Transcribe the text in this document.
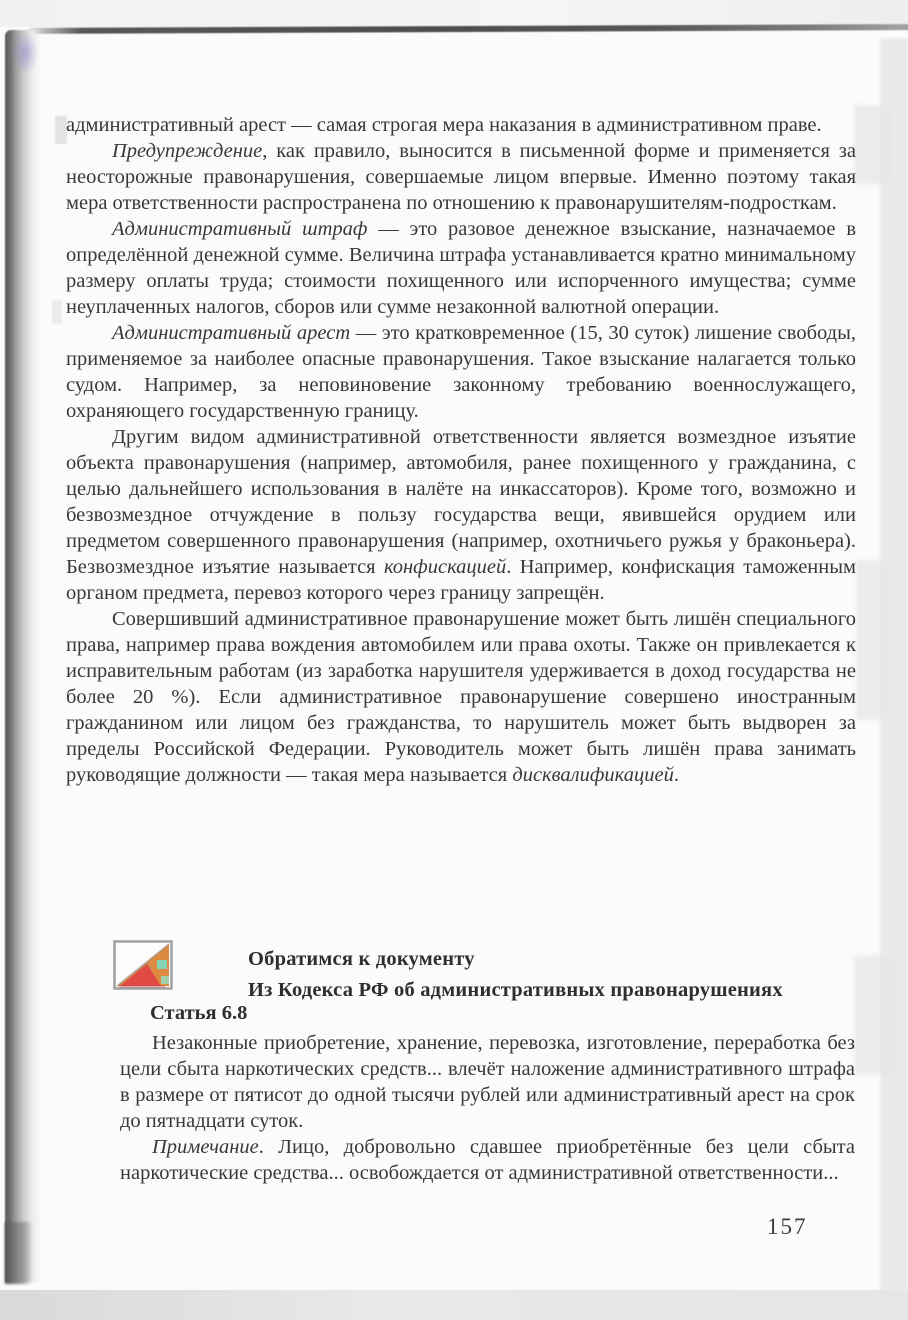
административный арест — самая строгая мера наказания в административном праве.

Предупреждение, как правило, выносится в письменной форме и применяется за неосторожные правонарушения, совершаемые лицом впервые. Именно поэтому такая мера ответственности распространена по отношению к правонарушителям-подросткам.

Административный штраф — это разовое денежное взыскание, назначаемое в определённой денежной сумме. Величина штрафа устанавливается кратно минимальному размеру оплаты труда; стоимости похищенного или испорченного имущества; сумме неуплаченных налогов, сборов или сумме незаконной валютной операции.

Административный арест — это кратковременное (15, 30 суток) лишение свободы, применяемое за наиболее опасные правонарушения. Такое взыскание налагается только судом. Например, за неповиновение законному требованию военнослужащего, охраняющего государственную границу.

Другим видом административной ответственности является возмездное изъятие объекта правонарушения (например, автомобиля, ранее похищенного у гражданина, с целью дальнейшего использования в налёте на инкассаторов). Кроме того, возможно и безвозмездное отчуждение в пользу государства вещи, явившейся орудием или предметом совершенного правонарушения (например, охотничьего ружья у браконьера). Безвозмездное изъятие называется конфискацией. Например, конфискация таможенным органом предмета, перевоз которого через границу запрещён.

Совершивший административное правонарушение может быть лишён специального права, например права вождения автомобилем или права охоты. Также он привлекается к исправительным работам (из заработка нарушителя удерживается в доход государства не более 20 %). Если административное правонарушение совершено иностранным гражданином или лицом без гражданства, то нарушитель может быть выдворен за пределы Российской Федерации. Руководитель может быть лишён права занимать руководящие должности — такая мера называется дисквалификацией.

Обратимся к документу
Из Кодекса РФ об административных правонарушениях
Статья 6.8

Незаконные приобретение, хранение, перевозка, изготовление, переработка без цели сбыта наркотических средств... влечёт наложение административного штрафа в размере от пятисот до одной тысячи рублей или административный арест на срок до пятнадцати суток.

Примечание. Лицо, добровольно сдавшее приобретённые без цели сбыта наркотические средства... освобождается от административной ответственности...

157
